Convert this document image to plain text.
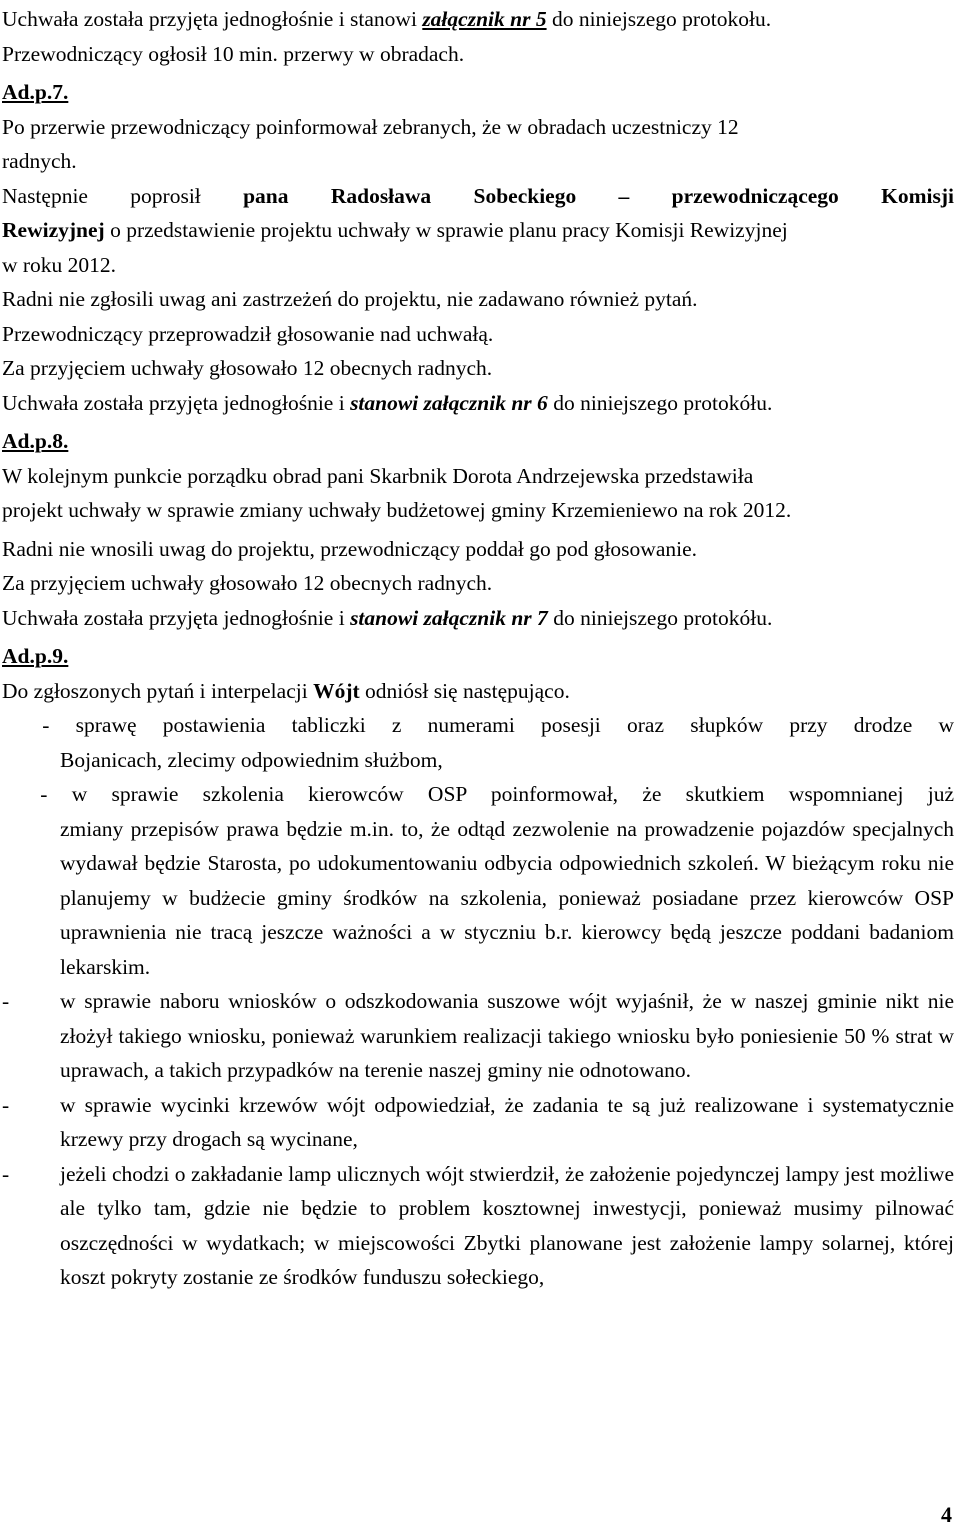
Uchwała została przyjęta jednogłośnie i stanowi załącznik nr 5 do niniejszego protokołu.

Przewodniczący ogłosił 10 min. przerwy w obradach.

Ad.p.7.

Po przerwie przewodniczący poinformował zebranych, że w obradach uczestniczy 12

radnych.

Następnie poprosił pana Radosława Sobeckiego – przewodniczącego Komisji

Rewizyjnej o przedstawienie projektu uchwały w sprawie planu pracy Komisji Rewizyjnej

w roku 2012.

Radni nie zgłosili uwag ani zastrzeżeń do projektu, nie zadawano również pytań.

Przewodniczący przeprowadził głosowanie nad uchwałą.

Za przyjęciem uchwały głosowało 12 obecnych radnych.

Uchwała została przyjęta jednogłośnie i stanowi załącznik nr 6 do niniejszego protokółu.

Ad.p.8.

W kolejnym punkcie porządku obrad pani Skarbnik Dorota Andrzejewska przedstawiła

projekt uchwały w sprawie zmiany uchwały budżetowej gminy Krzemieniewo na rok 2012.

Radni nie wnosili uwag do projektu, przewodniczący poddał go pod głosowanie.

Za przyjęciem uchwały głosowało 12 obecnych radnych.

Uchwała została przyjęta jednogłośnie i stanowi załącznik nr 7 do niniejszego protokółu.

Ad.p.9.

Do zgłoszonych pytań i interpelacji Wójt odniósł się następująco.

- sprawę postawienia tabliczki z numerami posesji oraz słupków przy drodze w

Bojanicach, zlecimy odpowiednim służbom,

- w sprawie szkolenia kierowców OSP poinformował, że skutkiem wspomnianej już

zmiany przepisów prawa będzie m.in. to, że odtąd zezwolenie na prowadzenie pojazdów specjalnych wydawał będzie Starosta, po udokumentowaniu odbycia odpowiednich szkoleń. W bieżącym roku nie planujemy w budżecie gminy środków na szkolenia, ponieważ posiadane przez kierowców OSP uprawnienia nie tracą jeszcze ważności a w styczniu b.r. kierowcy będą jeszcze poddani badaniom lekarskim.

-	w sprawie naboru wniosków o odszkodowania suszowe wójt wyjaśnił, że w naszej gminie nikt nie złożył takiego wniosku, ponieważ warunkiem realizacji takiego wniosku było poniesienie 50 % strat w uprawach, a takich przypadków na terenie naszej gminy nie odnotowano.
-	w sprawie wycinki krzewów wójt odpowiedział, że zadania te są już realizowane i systematycznie krzewy przy drogach są wycinane,
-	jeżeli chodzi o zakładanie lamp ulicznych wójt stwierdził, że założenie pojedynczej lampy jest możliwe ale tylko tam, gdzie nie będzie to problem kosztownej inwestycji, ponieważ musimy pilnować oszczędności w wydatkach; w miejscowości Zbytki planowane jest założenie lampy solarnej, której koszt pokryty zostanie ze środków funduszu sołeckiego,
4
